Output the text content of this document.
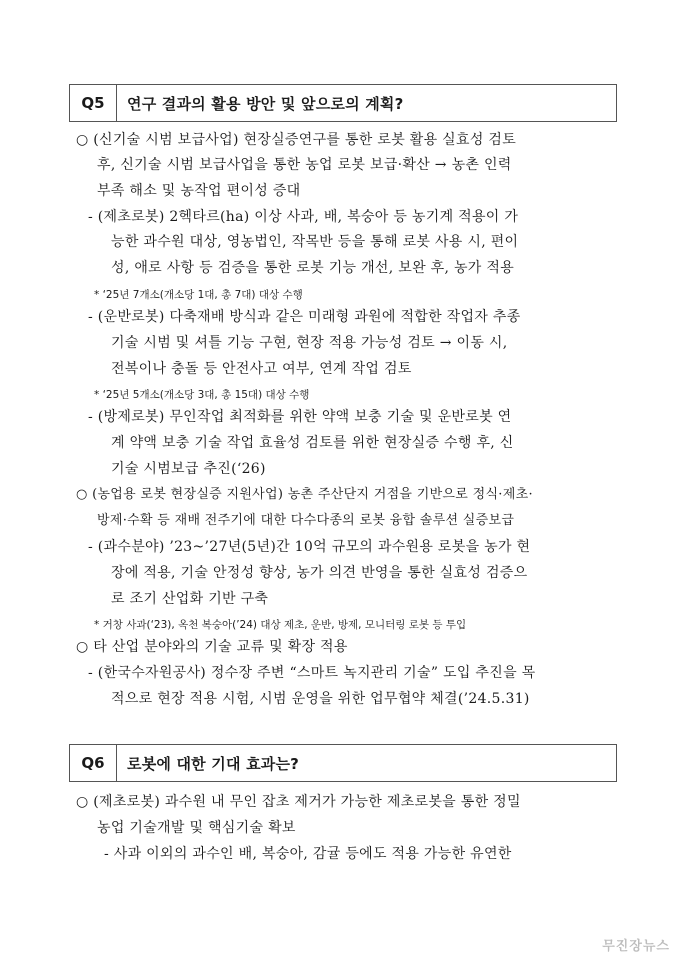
Q5	연구 결과의 활용 방안 및 앞으로의 계획?
○ (신기술 시범 보급사업) 현장실증연구를 통한 로봇 활용 실효성 검토
후, 신기술 시범 보급사업을 통한 농업 로봇 보급·확산 → 농촌 인력
부족 해소 및 농작업 편이성 증대
- (제초로봇) 2헥타르(ha) 이상 사과, 배, 복숭아 등 농기계 적용이 가
능한 과수원 대상, 영농법인, 작목반 등을 통해 로봇 사용 시, 편이
성, 애로 사항 등 검증을 통한 로봇 기능 개선, 보완 후, 농가 적용
* ‘25년 7개소(개소당 1대, 총 7대) 대상 수행
- (운반로봇) 다축재배 방식과 같은 미래형 과원에 적합한 작업자 추종
기술 시범 및 셔틀 기능 구현, 현장 적용 가능성 검토 → 이동 시,
전복이나 충돌 등 안전사고 여부, 연계 작업 검토
* ‘25년 5개소(개소당 3대, 총 15대) 대상 수행
- (방제로봇) 무인작업 최적화를 위한 약액 보충 기술 및 운반로봇 연
계 약액 보충 기술 작업 효율성 검토를 위한 현장실증 수행 후, 신
기술 시범보급 추진(‘26)
○ (농업용 로봇 현장실증 지원사업) 농촌 주산단지 거점을 기반으로 정식·제초·
방제·수확 등 재배 전주기에 대한 다수다종의 로봇 융합 솔루션 실증보급
- (과수분야) ’23~’27년(5년)간 10억 규모의 과수원용 로봇을 농가 현
장에 적용, 기술 안정성 향상, 농가 의견 반영을 통한 실효성 검증으
로 조기 산업화 기반 구축
* 거창 사과(‘23), 옥천 복숭아(’24) 대상 제초, 운반, 방제, 모니터링 로봇 등 투입
○ 타 산업 분야와의 기술 교류 및 확장 적용
- (한국수자원공사) 정수장 주변 “스마트 녹지관리 기술” 도입 추진을 목
적으로 현장 적용 시험, 시범 운영을 위한 업무협약 체결(’24.5.31)
Q6	로봇에 대한 기대 효과는?
○ (제초로봇) 과수원 내 무인 잡초 제거가 가능한 제초로봇을 통한 정밀
농업 기술개발 및 핵심기술 확보
- 사과 이외의 과수인 배, 복숭아, 감귤 등에도 적용 가능한 유연한
무진장뉴스
